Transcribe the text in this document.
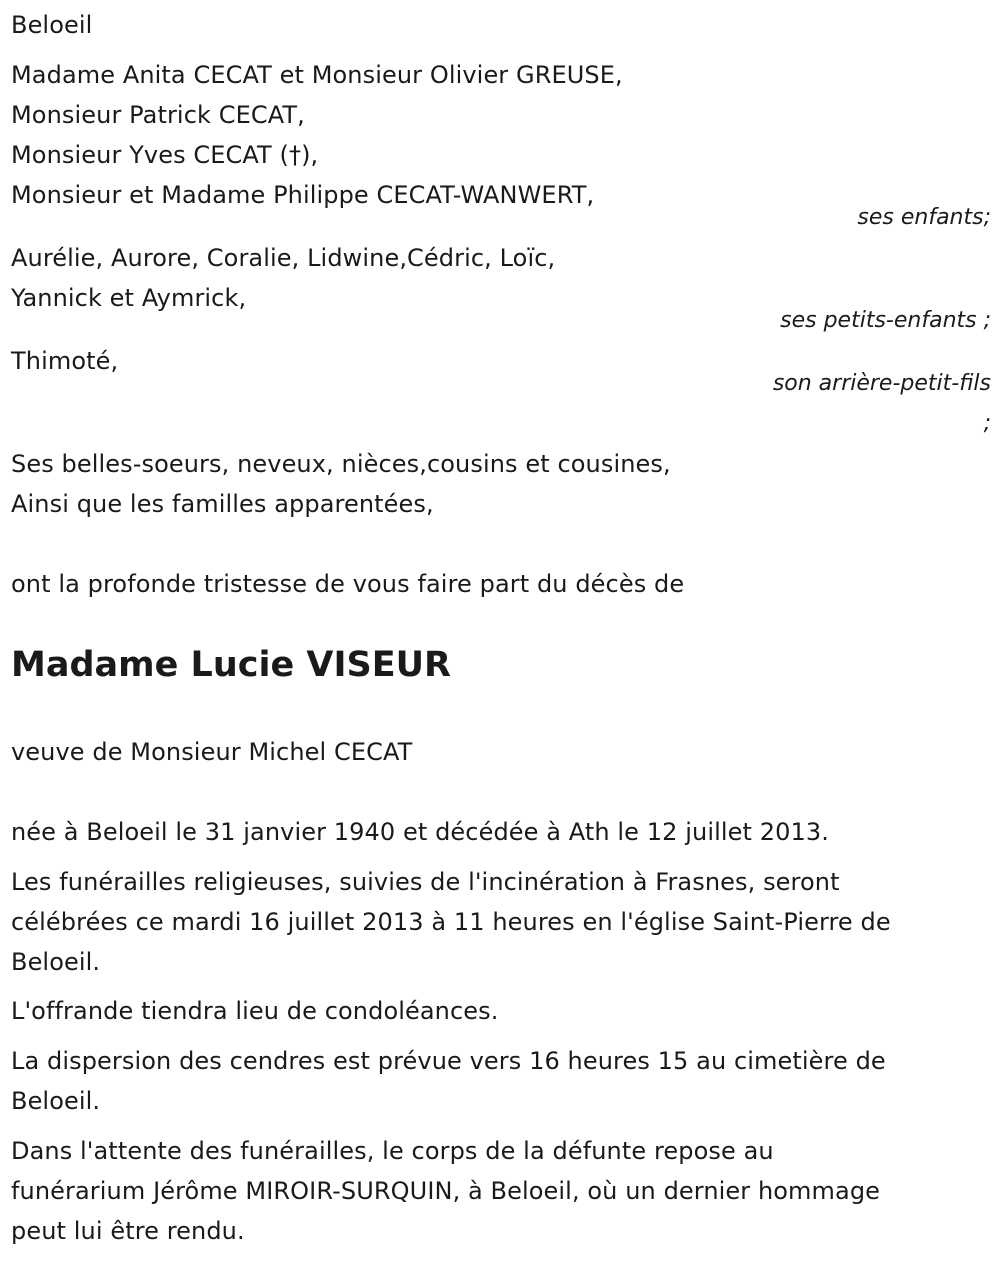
Beloeil
Madame Anita CECAT et Monsieur Olivier GREUSE,
Monsieur Patrick CECAT,
Monsieur Yves CECAT (†),
Monsieur et Madame Philippe CECAT-WANWERT,
ses enfants;
Aurélie, Aurore, Coralie, Lidwine,Cédric, Loïc,
Yannick et Aymrick,
ses petits-enfants ;
Thimoté,
son arrière-petit-fils
;
Ses belles-soeurs, neveux, nièces,cousins et cousines,
Ainsi que les familles apparentées,
ont la profonde tristesse de vous faire part du décès de
Madame Lucie VISEUR
veuve de Monsieur Michel CECAT
née à Beloeil le 31 janvier 1940 et décédée à Ath le 12 juillet 2013.
Les funérailles religieuses, suivies de l'incinération à Frasnes, seront
célébrées ce mardi 16 juillet 2013 à 11 heures en l'église Saint-Pierre de
Beloeil.
L'offrande tiendra lieu de condoléances.
La dispersion des cendres est prévue vers 16 heures 15 au cimetière de
Beloeil.
Dans l'attente des funérailles, le corps de la défunte repose au
funérarium Jérôme MIROIR-SURQUIN, à Beloeil, où un dernier hommage
peut lui être rendu.
